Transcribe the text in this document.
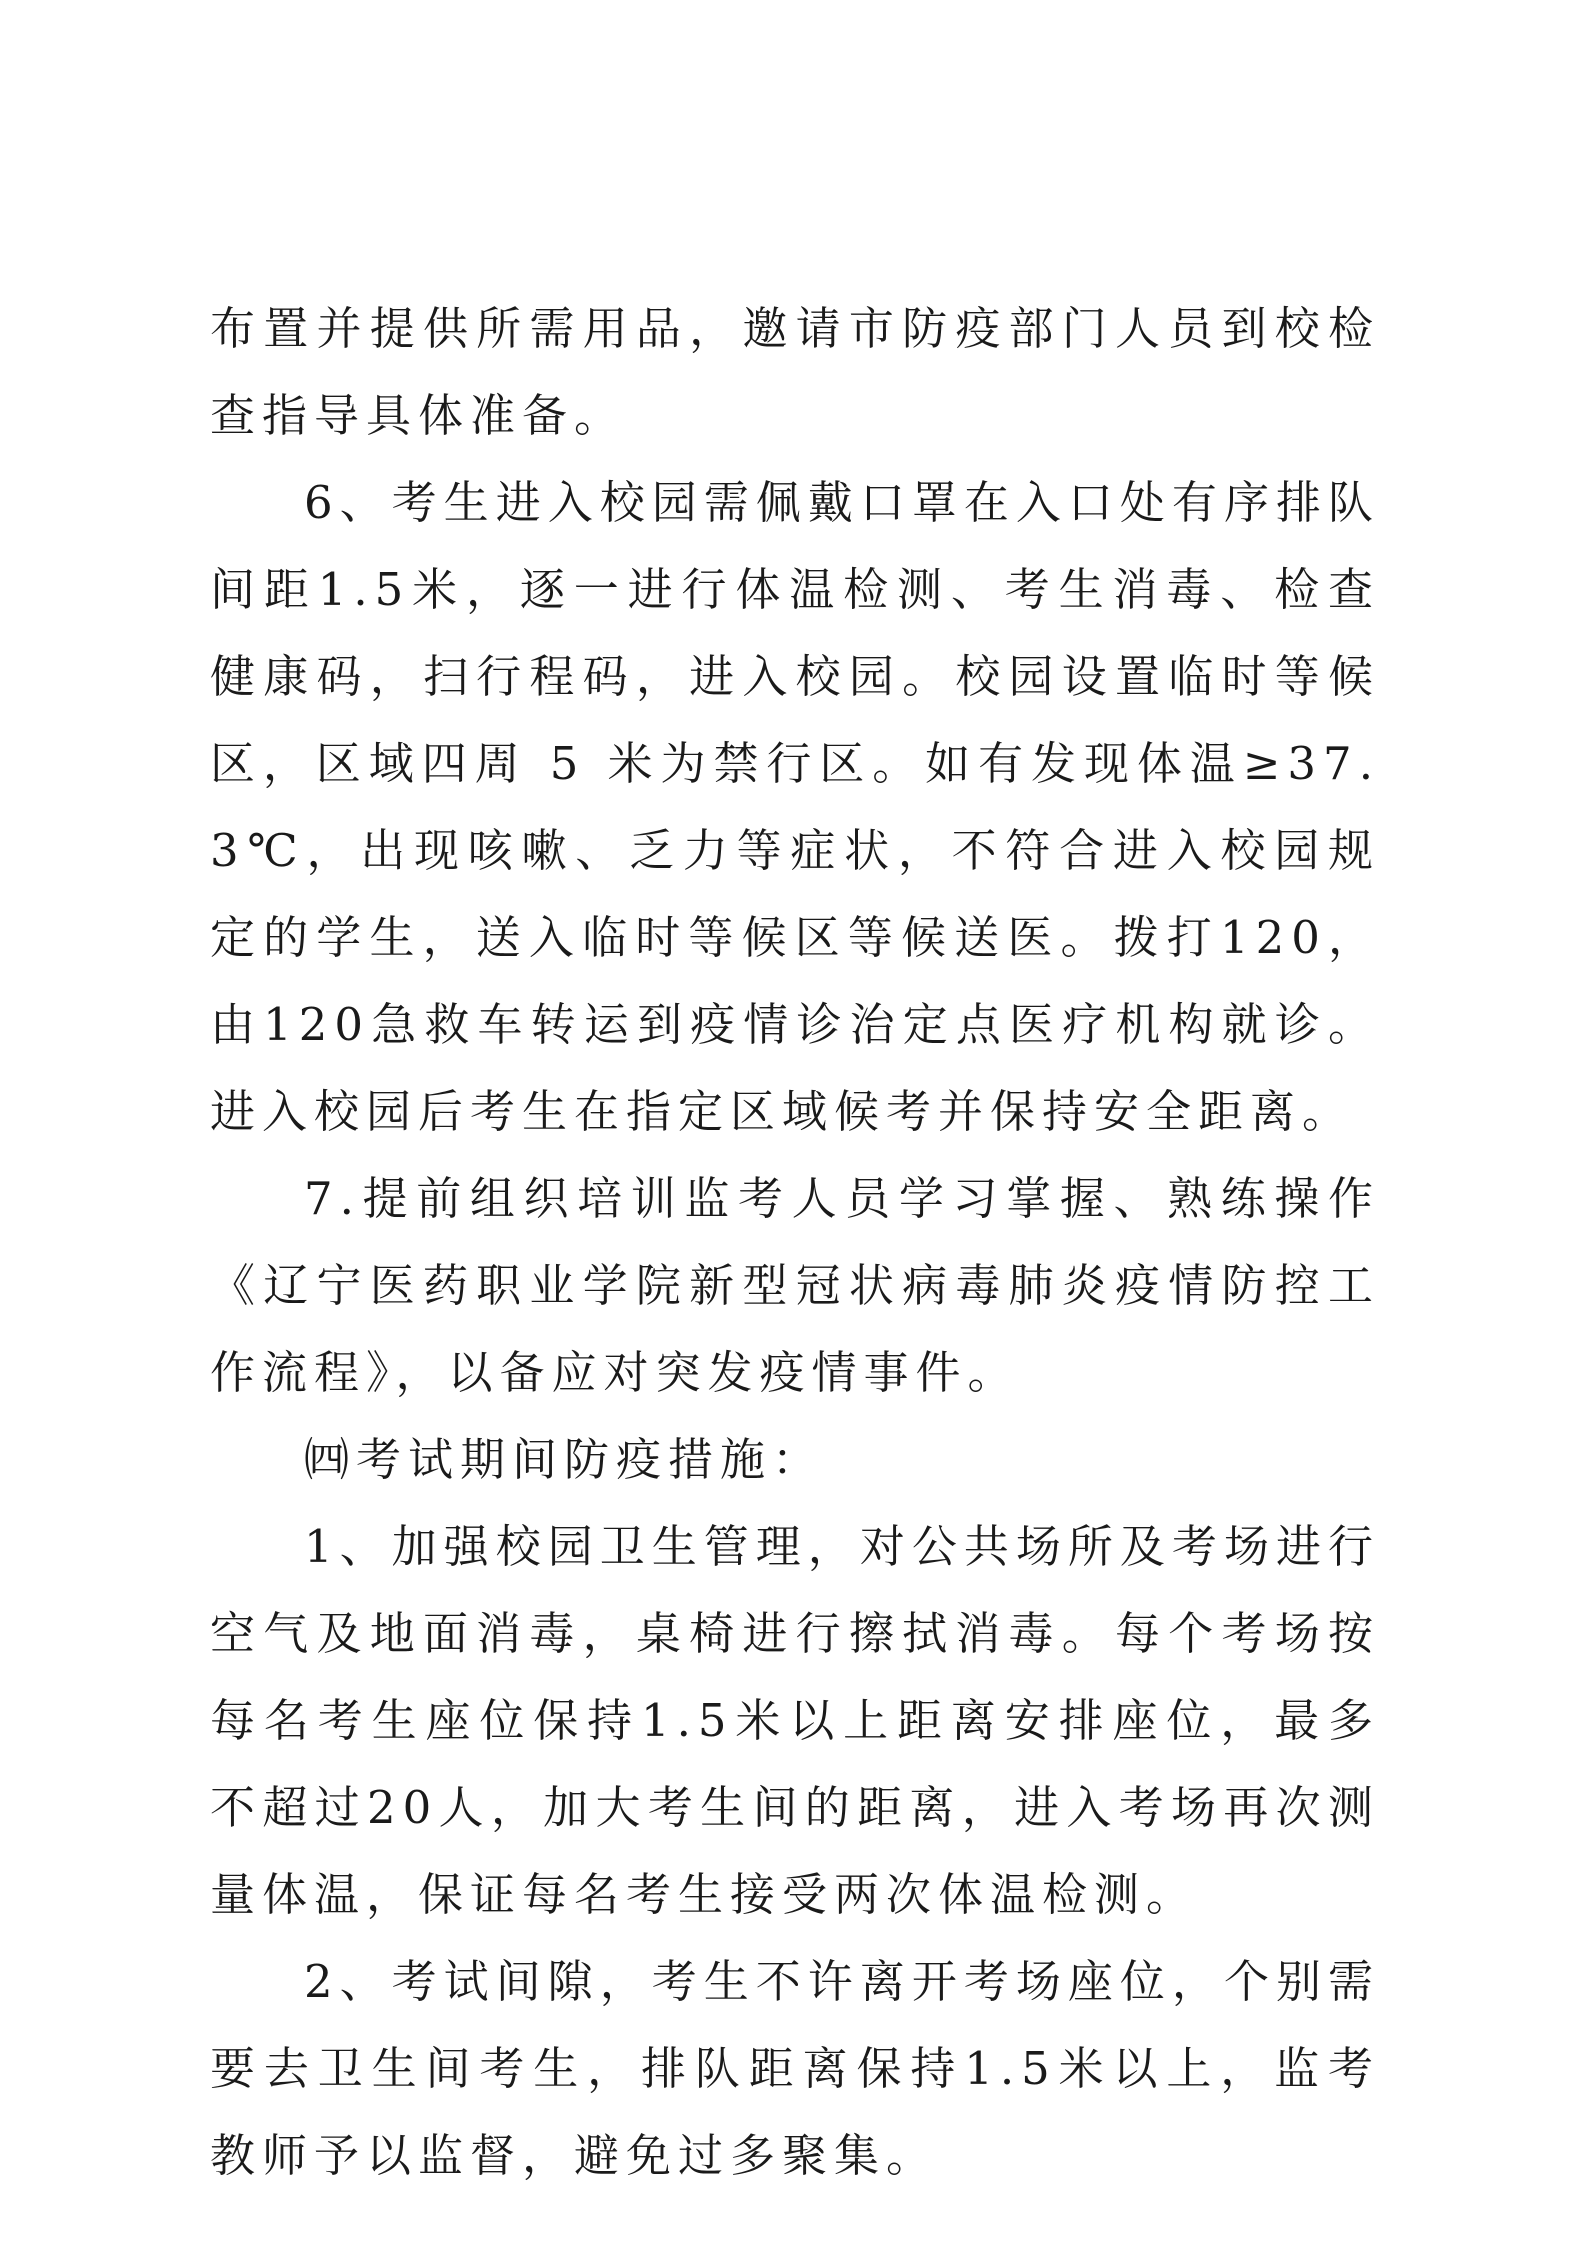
布置并提供所需用品，邀请市防疫部门人员到校检查指导具体准备。

6、考生进入校园需佩戴口罩在入口处有序排队间距1.5米，逐一进行体温检测、考生消毒、检查健康码，扫行程码，进入校园。校园设置临时等候区，区域四周 5 米为禁行区。如有发现体温≥37.3℃，出现咳嗽、乏力等症状，不符合进入校园规定的学生，送入临时等候区等候送医。拨打120，由120急救车转运到疫情诊治定点医疗机构就诊。进入校园后考生在指定区域候考并保持安全距离。

7.提前组织培训监考人员学习掌握、熟练操作《辽宁医药职业学院新型冠状病毒肺炎疫情防控工作流程》，以备应对突发疫情事件。

㈣考试期间防疫措施：

1、加强校园卫生管理，对公共场所及考场进行空气及地面消毒，桌椅进行擦拭消毒。每个考场按每名考生座位保持1.5米以上距离安排座位，最多不超过20人，加大考生间的距离，进入考场再次测量体温，保证每名考生接受两次体温检测。

2、考试间隙，考生不许离开考场座位，个别需要去卫生间考生，排队距离保持1.5米以上，监考教师予以监督，避免过多聚集。
